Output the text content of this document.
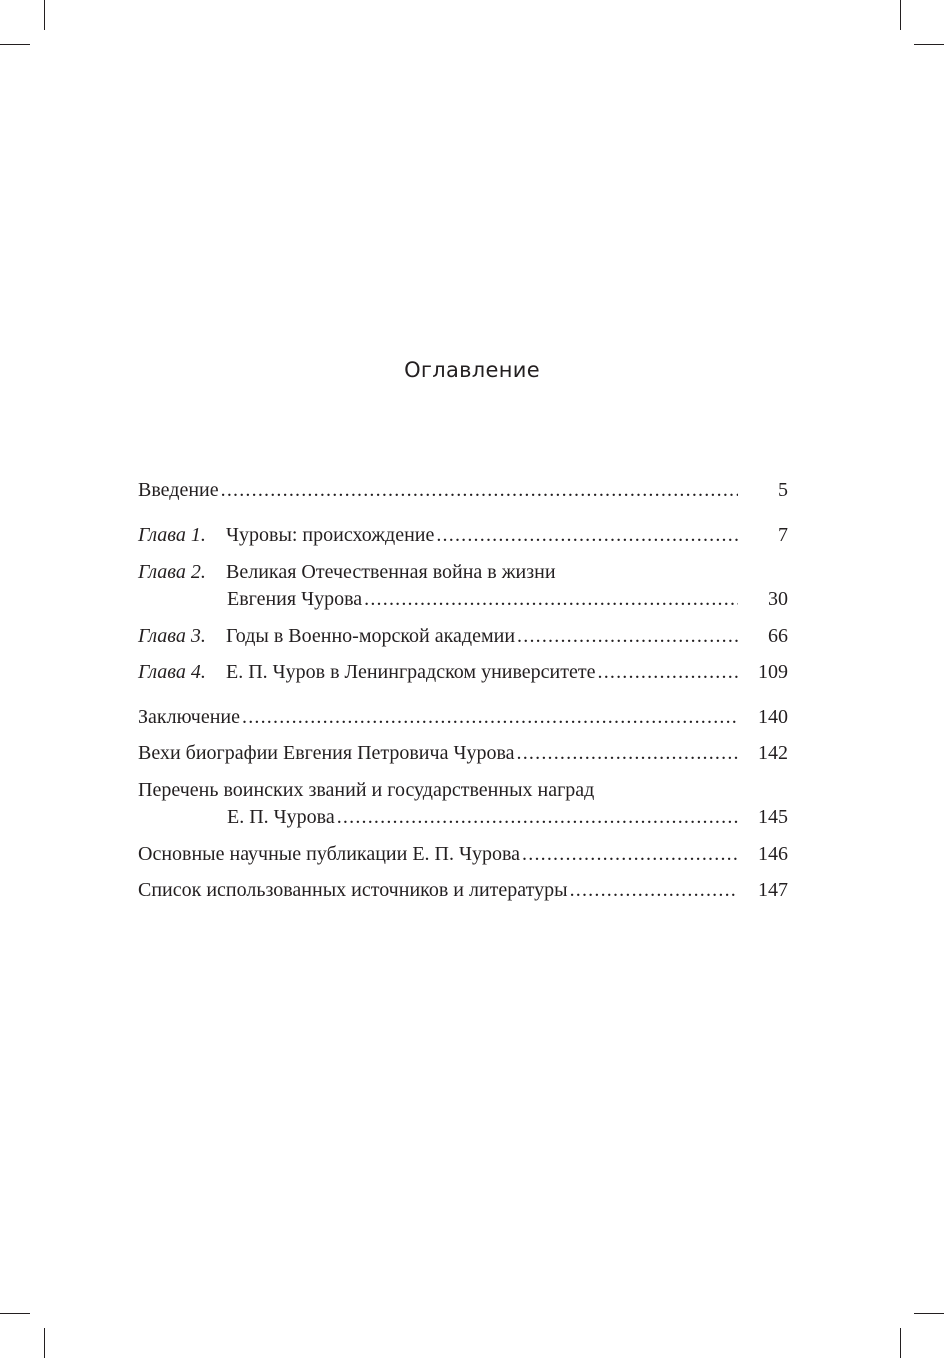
Оглавление
Введение .....	5
Глава 1. Чуровы: происхождение .....	7
Глава 2. Великая Отечественная война в жизни
Евгения Чурова .....	30
Глава 3. Годы в Военно-морской академии .....	66
Глава 4. Е. П. Чуров в Ленинградском университете .....	109
Заключение .....	140
Вехи биографии Евгения Петровича Чурова .....	142
Перечень воинских званий и государственных наград
Е. П. Чурова .....	145
Основные научные публикации Е. П. Чурова .....	146
Список использованных источников и литературы .....	147
